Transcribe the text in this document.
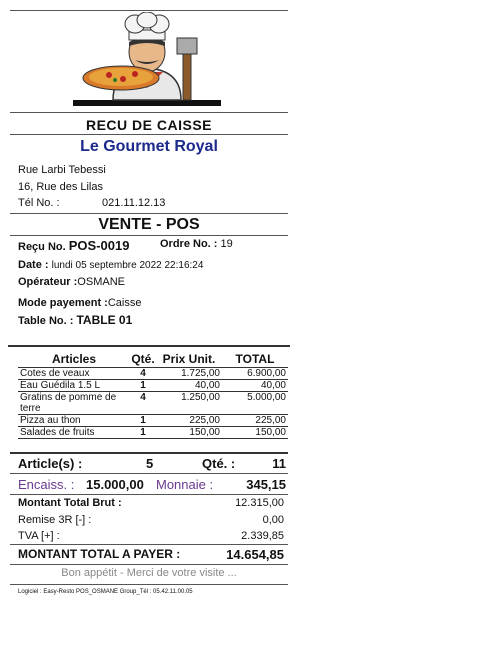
RECU DE CAISSE
Le Gourmet Royal
Rue Larbi Tebessi
16, Rue des Lilas
Tél No. :	021.11.12.13
VENTE - POS
Reçu No. POS-0019	Ordre No. : 19
Date : lundi 05 septembre 2022 22:16:24
Opérateur :OSMANE
Mode payement :Caisse
Table No. : TABLE 01
Articles	Qté.	Prix Unit.	TOTAL
Cotes de veaux	4	1.725,00	6.900,00
Eau Guédila 1.5 L	1	40,00	40,00
Gratins de pomme de terre	4	1.250,00	5.000,00
Pizza au thon	1	225,00	225,00
Salades de fruits	1	150,00	150,00
Article(s) :	5	Qté. :	11
Encaiss. : 15.000,00 Monnaie :	345,15
Montant Total Brut :	12.315,00
Remise 3R [-] :	0,00
TVA [+] :	2.339,85
MONTANT TOTAL A PAYER :	14.654,85
Bon appétit - Merci de votre visite ...
Logiciel : Easy-Resto POS_OSMANE Group_Tél : 05.42.11.00.05
